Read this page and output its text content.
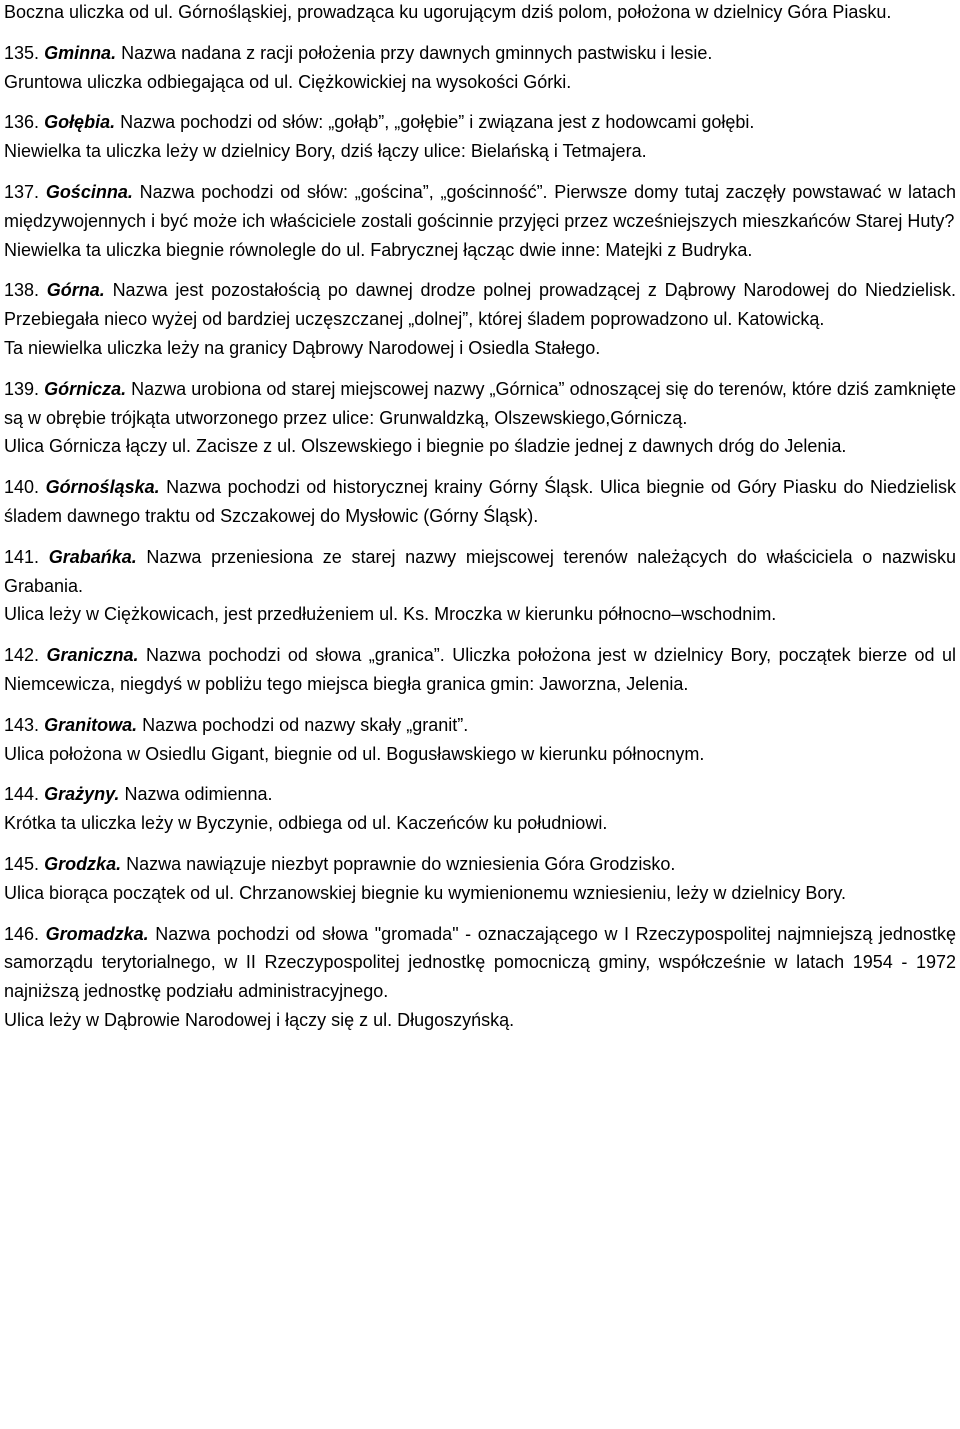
Boczna uliczka od ul. Górnośląskiej, prowadząca ku ugorującym dziś polom, położona w dzielnicy Góra Piasku.

135. Gminna. Nazwa nadana z racji położenia przy dawnych gminnych pastwisku i lesie.

Gruntowa uliczka odbiegająca od ul. Ciężkowickiej na wysokości Górki.

136. Gołębia. Nazwa pochodzi od słów: „gołąb”, „gołębie” i związana jest z hodowcami gołębi.

Niewielka ta uliczka leży w dzielnicy Bory, dziś łączy ulice: Bielańską i Tetmajera.

137. Gościnna. Nazwa pochodzi od słów: „gościna”, „gościnność”. Pierwsze domy tutaj zaczęły powstawać w latach międzywojennych i być może ich właściciele zostali gościnnie przyjęci przez wcześniejszych mieszkańców Starej Huty?

Niewielka ta uliczka biegnie równolegle do ul. Fabrycznej łącząc dwie inne: Matejki z Budryka.

138. Górna. Nazwa jest pozostałością po dawnej drodze polnej prowadzącej z Dąbrowy Narodowej do Niedzielisk. Przebiegała nieco wyżej od bardziej uczęszczanej „dolnej”, której śladem poprowadzono ul. Katowicką.

Ta niewielka uliczka leży na granicy Dąbrowy Narodowej i Osiedla Stałego.

139. Górnicza. Nazwa urobiona od starej miejscowej nazwy „Górnica” odnoszącej się do terenów, które dziś zamknięte są w obrębie trójkąta utworzonego przez ulice: Grunwaldzką, Olszewskiego,Górniczą.

Ulica Górnicza łączy ul. Zacisze z ul. Olszewskiego i biegnie po śladzie jednej z dawnych dróg do Jelenia.

140. Górnośląska. Nazwa pochodzi od historycznej krainy Górny Śląsk. Ulica biegnie od Góry Piasku do Niedzielisk śladem dawnego traktu od Szczakowej do Mysłowic (Górny Śląsk).

141. Grabańka. Nazwa przeniesiona ze starej nazwy miejscowej terenów należących do właściciela o nazwisku Grabania.

Ulica leży w Ciężkowicach, jest przedłużeniem ul. Ks. Mroczka w kierunku północno–wschodnim.

142. Graniczna. Nazwa pochodzi od słowa „granica”. Uliczka położona jest w dzielnicy Bory, początek bierze od ul Niemcewicza, niegdyś w pobliżu tego miejsca biegła granica gmin: Jaworzna, Jelenia.

143. Granitowa. Nazwa pochodzi od nazwy skały „granit”.

Ulica położona w Osiedlu Gigant, biegnie od ul. Bogusławskiego w kierunku północnym.

144. Grażyny. Nazwa odimienna.

Krótka ta uliczka leży w Byczynie, odbiega od ul. Kaczeńców ku południowi.

145. Grodzka. Nazwa nawiązuje niezbyt poprawnie do wzniesienia Góra Grodzisko.

Ulica biorąca początek od ul. Chrzanowskiej biegnie ku wymienionemu wzniesieniu, leży w dzielnicy Bory.

146. Gromadzka. Nazwa pochodzi od słowa "gromada" - oznaczającego w I Rzeczypospolitej najmniejszą jednostkę samorządu terytorialnego, w II Rzeczypospolitej jednostkę pomocniczą gminy, współcześnie w latach 1954 - 1972 najniższą jednostkę podziału administracyjnego.

Ulica leży w Dąbrowie Narodowej i łączy się z ul. Długoszyńską.
